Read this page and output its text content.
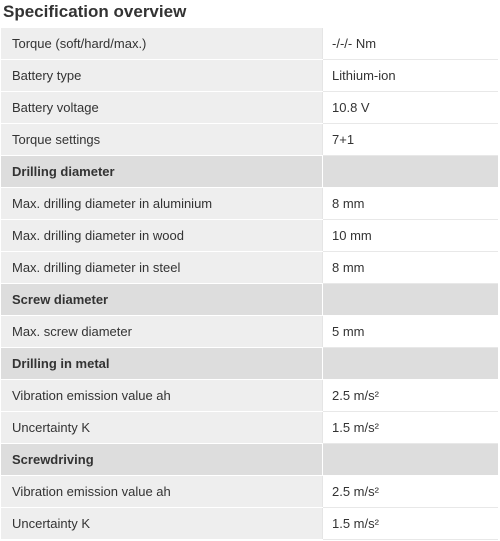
Specification overview
Torque (soft/hard/max.)	-/-/- Nm
Battery type	Lithium-ion
Battery voltage	10.8 V
Torque settings	7+1
Drilling diameter	
Max. drilling diameter in aluminium	8 mm
Max. drilling diameter in wood	10 mm
Max. drilling diameter in steel	8 mm
Screw diameter	
Max. screw diameter	5 mm
Drilling in metal	
Vibration emission value ah	2.5 m/s²
Uncertainty K	1.5 m/s²
Screwdriving	
Vibration emission value ah	2.5 m/s²
Uncertainty K	1.5 m/s²
